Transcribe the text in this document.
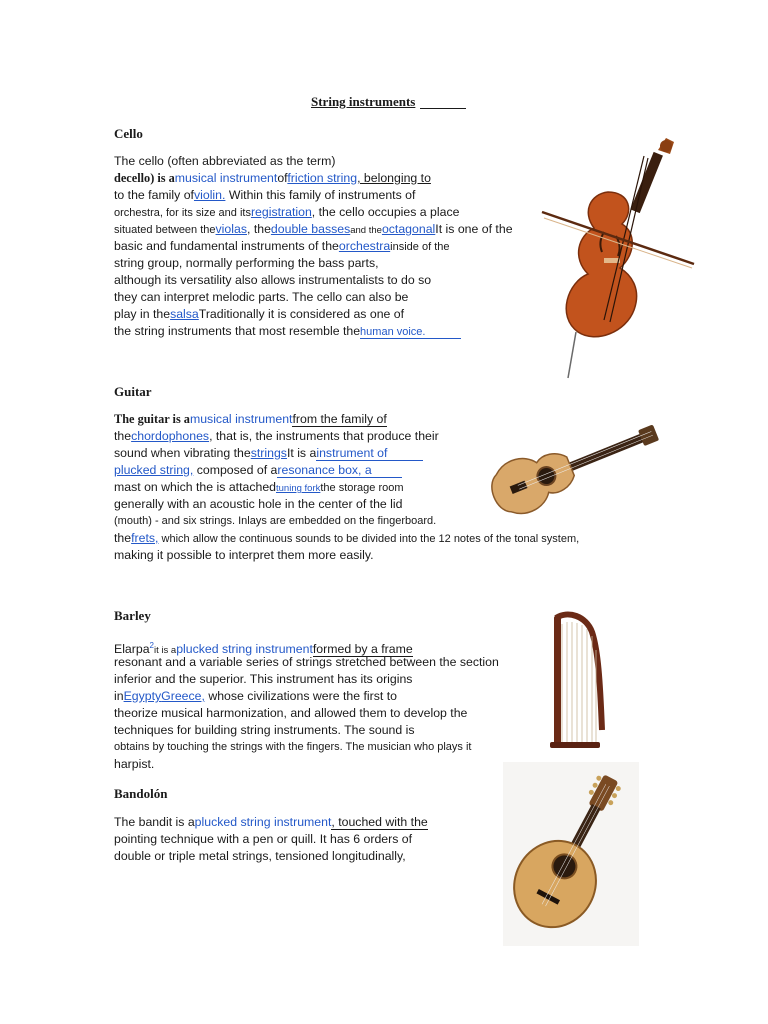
String instruments
Cello
The cello (often abbreviated as the term)
decello) is amusical instrumentoffriction string, belonging to
to the family ofviolin. Within this family of instruments of
orchestra, for its size and itsregistration, the cello occupies a place
situated between theviolas, thedouble bassesand theoctagonalIt is one of the
basic and fundamental instruments of theorchestrainside of the
string group, normally performing the bass parts,
although its versatility also allows instrumentalists to do so
they can interpret melodic parts. The cello can also be
play in thesalsaTraditionally it is considered as one of
the string instruments that most resemble thehuman voice.
Guitar
The guitar is amusical instrumentfrom the family of
thechordophones, that is, the instruments that produce their
sound when vibrating thestringsIt is ainstrument of
plucked string, composed of aresonance box, a
mast on which the is attachedtuning forkthe storage room
generally with an acoustic hole in the center of the lid
(mouth) - and six strings. Inlays are embedded on the fingerboard.
thefrets, which allow the continuous sounds to be divided into the 12 notes of the tonal system,
making it possible to interpret them more easily.
Barley
Elarpa$^2$it is aplucked string instrumentformed by a frame
resonant and a variable series of strings stretched between the section
inferior and the superior. This instrument has its origins
inEgyptyGreece, whose civilizations were the first to
theorize musical harmonization, and allowed them to develop the
techniques for building string instruments. The sound is
obtains by touching the strings with the fingers. The musician who plays it
harpist.
Bandolón
The bandit is aplucked string instrument, touched with the
pointing technique with a pen or quill. It has 6 orders of
double or triple metal strings, tensioned longitudinally,
